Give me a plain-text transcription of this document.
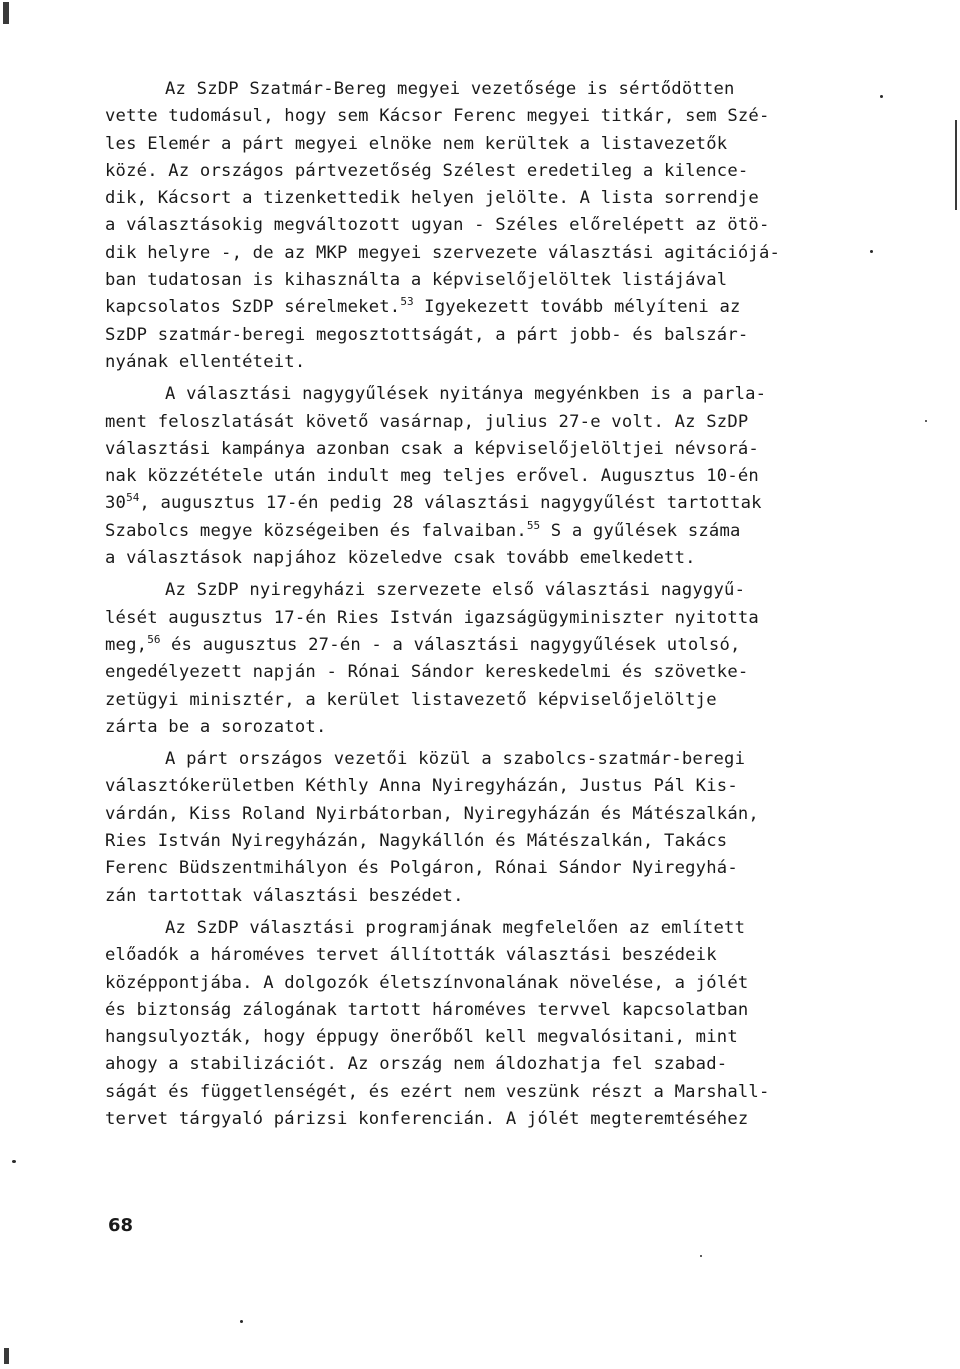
Az SzDP Szatmár-Bereg megyei vezetősége is sértődötten
vette tudomásul, hogy sem Kácsor Ferenc megyei titkár, sem Szé-
les Elemér a párt megyei elnöke nem kerültek a listavezetők
közé. Az országos pártvezetőség Szélest eredetileg a kilence-
dik, Kácsort a tizenkettedik helyen jelölte. A lista sorrendje
a választásokig megváltozott ugyan - Széles előrelépett az ötö-
dik helyre -, de az MKP megyei szervezete választási agitációjá-
ban tudatosan is kihasználta a képviselőjelöltek listájával
kapcsolatos SzDP sérelmeket.$^{53}$ Igyekezett tovább mélyíteni az
SzDP szatmár-beregi megosztottságát, a párt jobb- és balszár-
nyának ellentéteit.
A választási nagygyűlések nyitánya megyénkben is a parla-
ment feloszlatását követő vasárnap, julius 27-e volt. Az SzDP
választási kampánya azonban csak a képviselőjelöltjei névsorá-
nak közzététele után indult meg teljes erővel. Augusztus 10-én
30$^{54}$, augusztus 17-én pedig 28 választási nagygyűlést tartottak
Szabolcs megye községeiben és falvaiban.$^{55}$ S a gyűlések száma
a választások napjához közeledve csak tovább emelkedett.
Az SzDP nyiregyházi szervezete első választási nagygyű-
lését augusztus 17-én Ries István igazságügyminiszter nyitotta
meg,$^{56}$ és augusztus 27-én - a választási nagygyűlések utolsó,
engedélyezett napján - Rónai Sándor kereskedelmi és szövetke-
zetügyi minisztér, a kerület listavezető képviselőjelöltje
zárta be a sorozatot.
A párt országos vezetői közül a szabolcs-szatmár-beregi
választókerületben Kéthly Anna Nyiregyházán, Justus Pál Kis-
várdán, Kiss Roland Nyirbátorban, Nyiregyházán és Mátészalkán,
Ries István Nyiregyházán, Nagykállón és Mátészalkán, Takács
Ferenc Büdszentmihályon és Polgáron, Rónai Sándor Nyiregyhá-
zán tartottak választási beszédet.
Az SzDP választási programjának megfelelően az említett
előadók a hároméves tervet állították választási beszédeik
középpontjába. A dolgozók életszínvonalának növelése, a jólét
és biztonság zálogának tartott hároméves tervvel kapcsolatban
hangsulyozták, hogy éppugy önerőből kell megvalósitani, mint
ahogy a stabilizációt. Az ország nem áldozhatja fel szabad-
ságát és függetlenségét, és ezért nem veszünk részt a Marshall-
tervet tárgyaló párizsi konferencián. A jólét megteremtéséhez
68
